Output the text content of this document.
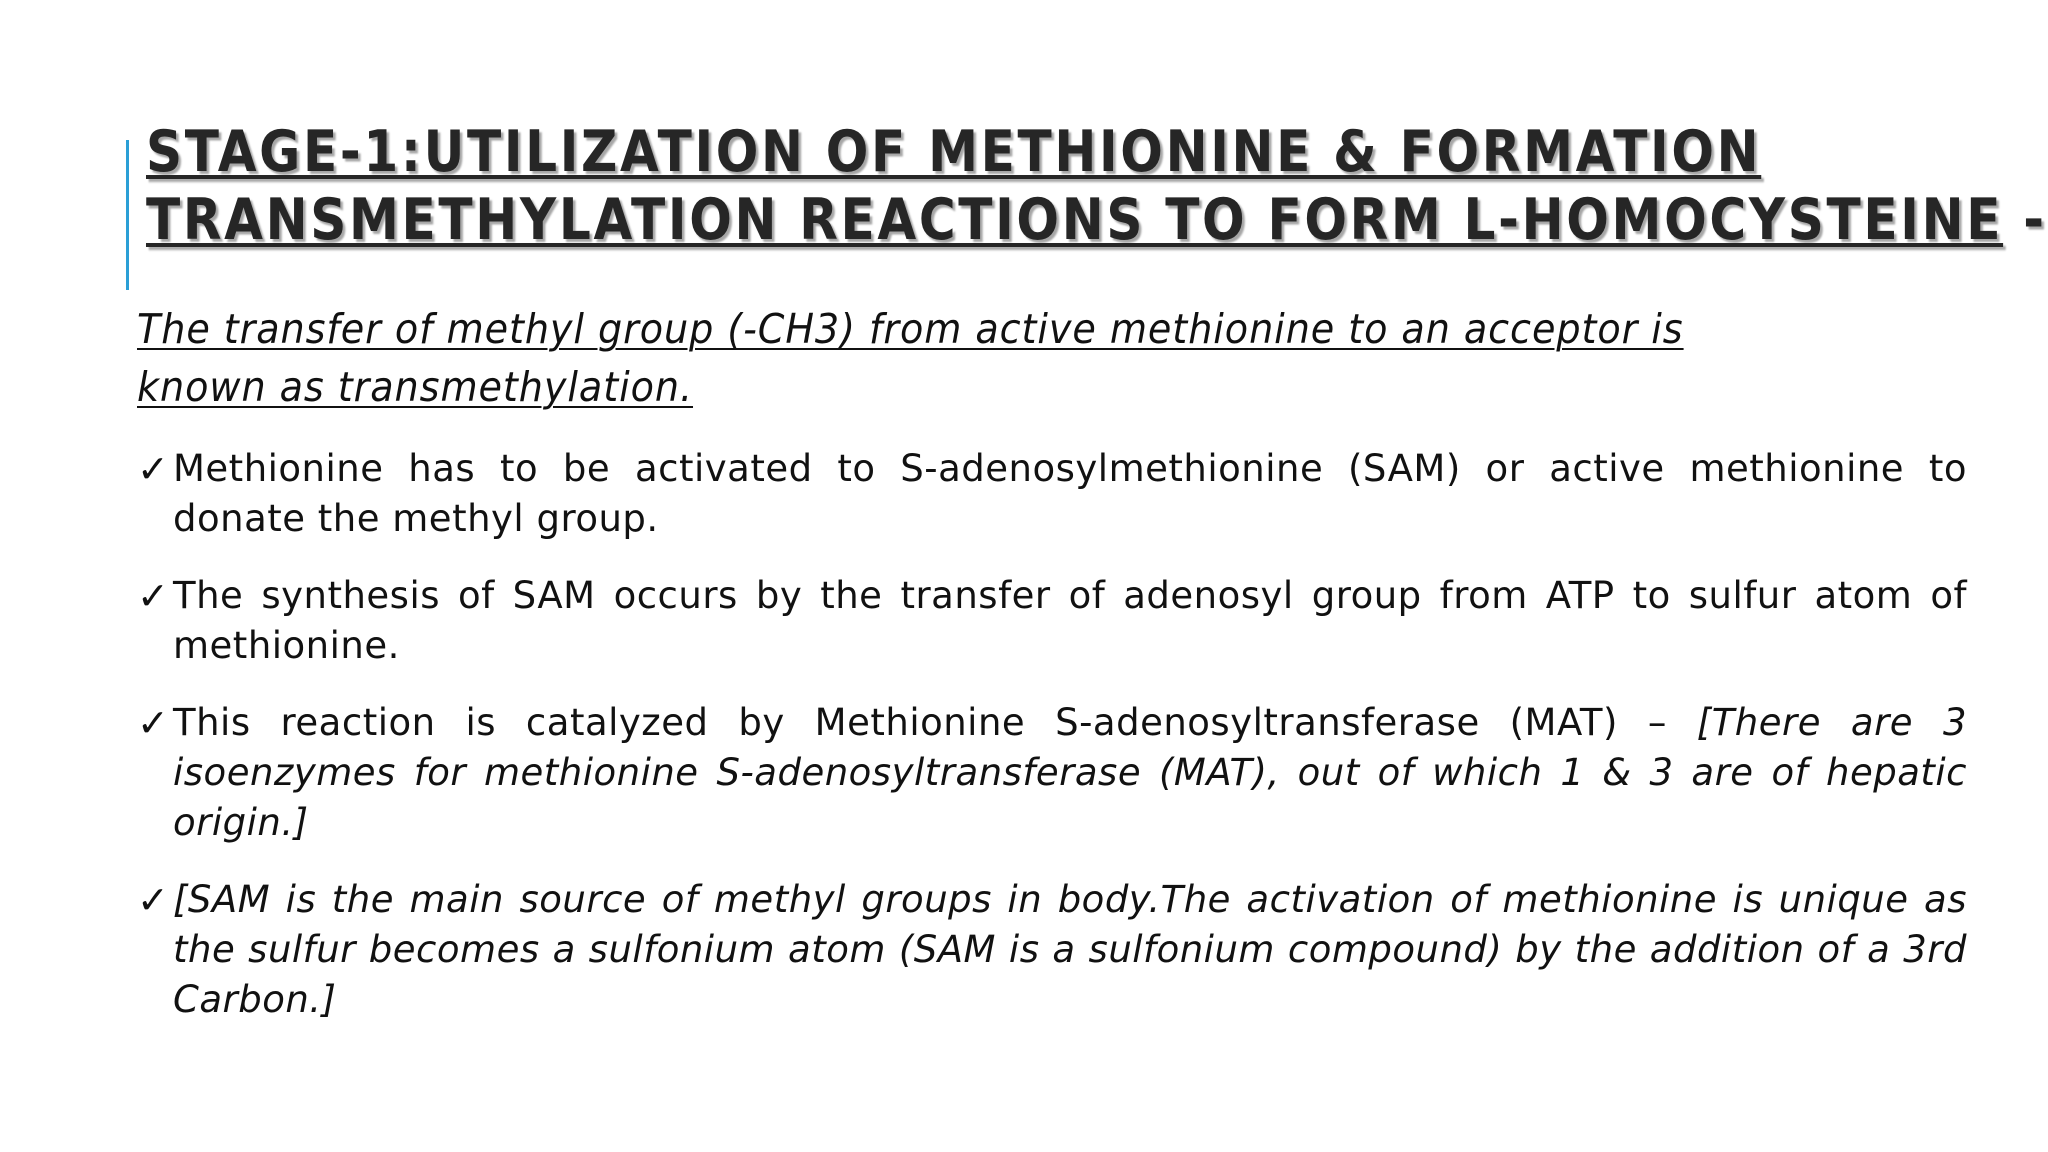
STAGE-1:UTILIZATION OF METHIONINE & FORMATION
TRANSMETHYLATION REACTIONS TO FORM L-HOMOCYSTEINE -

The transfer of methyl group (-CH3) from active methionine to an acceptor is known as transmethylation.

✓ Methionine has to be activated to S-adenosylmethionine (SAM) or active methionine to donate the methyl group.
✓ The synthesis of SAM occurs by the transfer of adenosyl group from ATP to sulfur atom of methionine.
✓ This reaction is catalyzed by Methionine S-adenosyltransferase (MAT) – [There are 3 isoenzymes for methionine S-adenosyltransferase (MAT), out of which 1 & 3 are of hepatic origin.]
✓ [SAM is the main source of methyl groups in body.The activation of methionine is unique as the sulfur becomes a sulfonium atom (SAM is a sulfonium compound) by the addition of a 3rd Carbon.]
